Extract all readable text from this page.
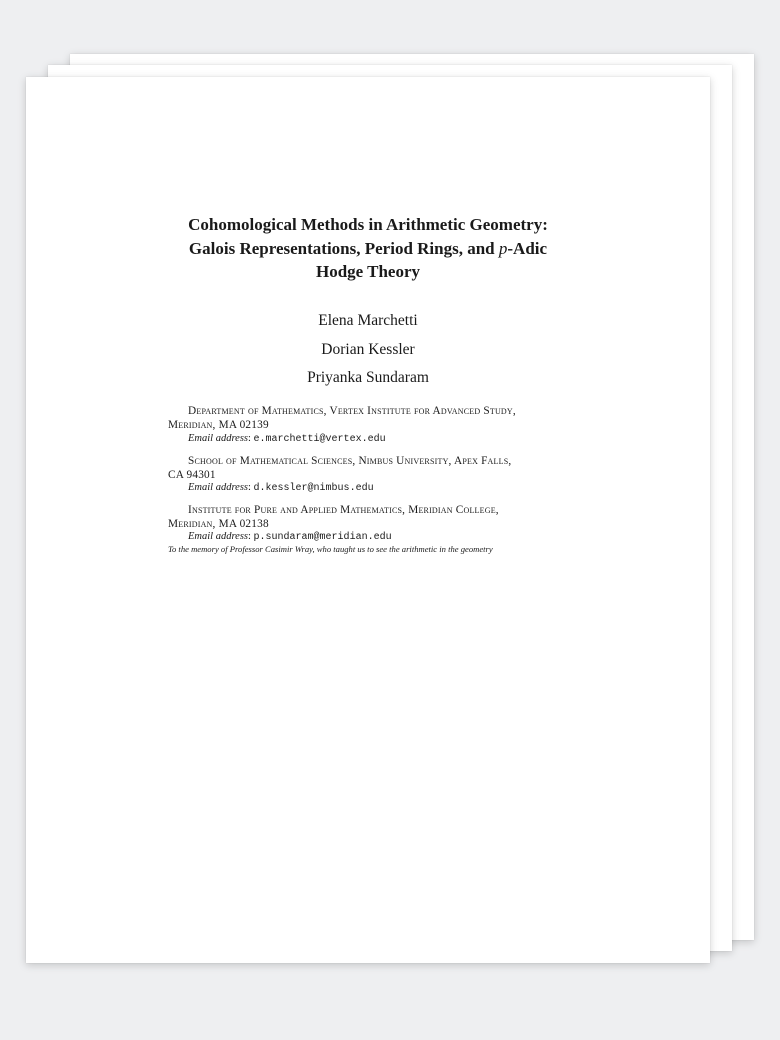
Cohomological Methods in Arithmetic Geometry:
Galois Representations, Period Rings, and p-Adic
Hodge Theory
Elena Marchetti
Dorian Kessler
Priyanka Sundaram
Department of Mathematics, Vertex Institute for Advanced Study,
Meridian, MA 02139
Email address: e.marchetti@vertex.edu
School of Mathematical Sciences, Nimbus University, Apex Falls,
CA 94301
Email address: d.kessler@nimbus.edu
Institute for Pure and Applied Mathematics, Meridian College,
Meridian, MA 02138
Email address: p.sundaram@meridian.edu
To the memory of Professor Casimir Wray, who taught us to see the arithmetic in the geometry
